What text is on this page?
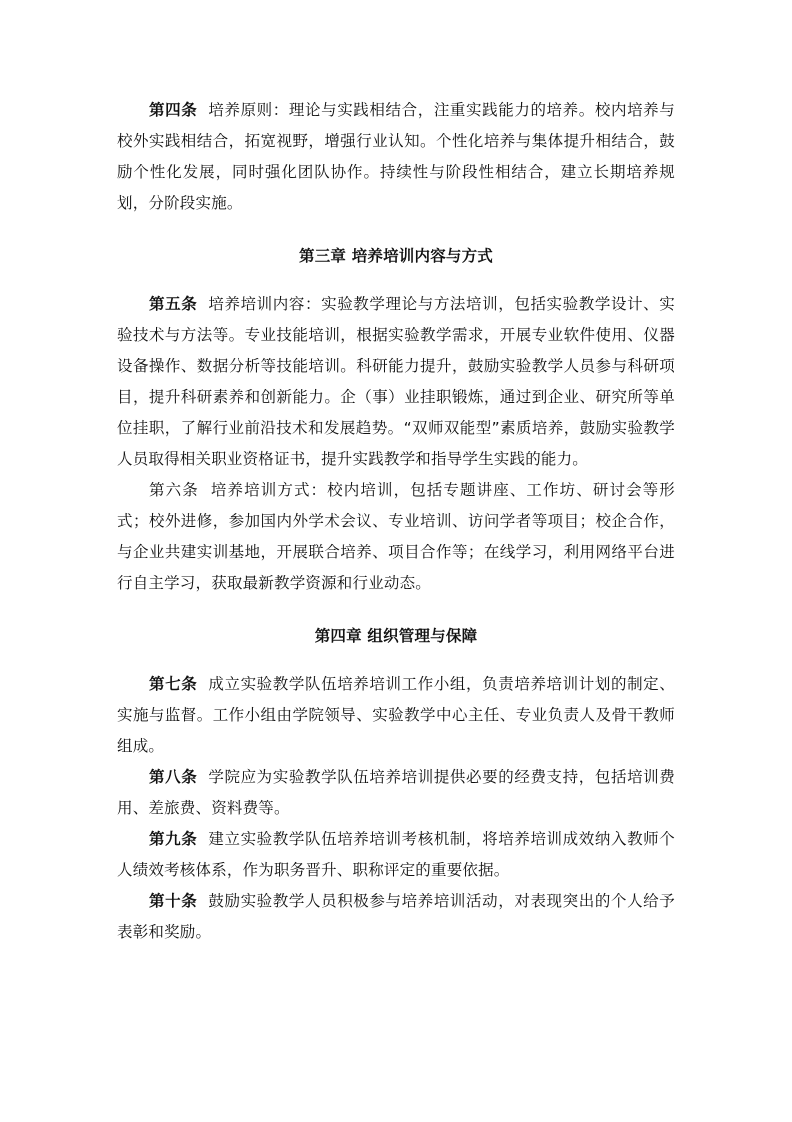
第四条 培养原则：理论与实践相结合，注重实践能力的培养。校内培养与校外实践相结合，拓宽视野，增强行业认知。个性化培养与集体提升相结合，鼓励个性化发展，同时强化团队协作。持续性与阶段性相结合，建立长期培养规划，分阶段实施。

第三章 培养培训内容与方式

第五条 培养培训内容：实验教学理论与方法培训，包括实验教学设计、实验技术与方法等。专业技能培训，根据实验教学需求，开展专业软件使用、仪器设备操作、数据分析等技能培训。科研能力提升，鼓励实验教学人员参与科研项目，提升科研素养和创新能力。企（事）业挂职锻炼，通过到企业、研究所等单位挂职，了解行业前沿技术和发展趋势。“双师双能型”素质培养，鼓励实验教学人员取得相关职业资格证书，提升实践教学和指导学生实践的能力。

第六条 培养培训方式：校内培训，包括专题讲座、工作坊、研讨会等形式；校外进修，参加国内外学术会议、专业培训、访问学者等项目；校企合作，与企业共建实训基地，开展联合培养、项目合作等；在线学习，利用网络平台进行自主学习，获取最新教学资源和行业动态。

第四章 组织管理与保障

第七条 成立实验教学队伍培养培训工作小组，负责培养培训计划的制定、实施与监督。工作小组由学院领导、实验教学中心主任、专业负责人及骨干教师组成。

第八条 学院应为实验教学队伍培养培训提供必要的经费支持，包括培训费用、差旅费、资料费等。

第九条 建立实验教学队伍培养培训考核机制，将培养培训成效纳入教师个人绩效考核体系，作为职务晋升、职称评定的重要依据。

第十条 鼓励实验教学人员积极参与培养培训活动，对表现突出的个人给予表彰和奖励。
